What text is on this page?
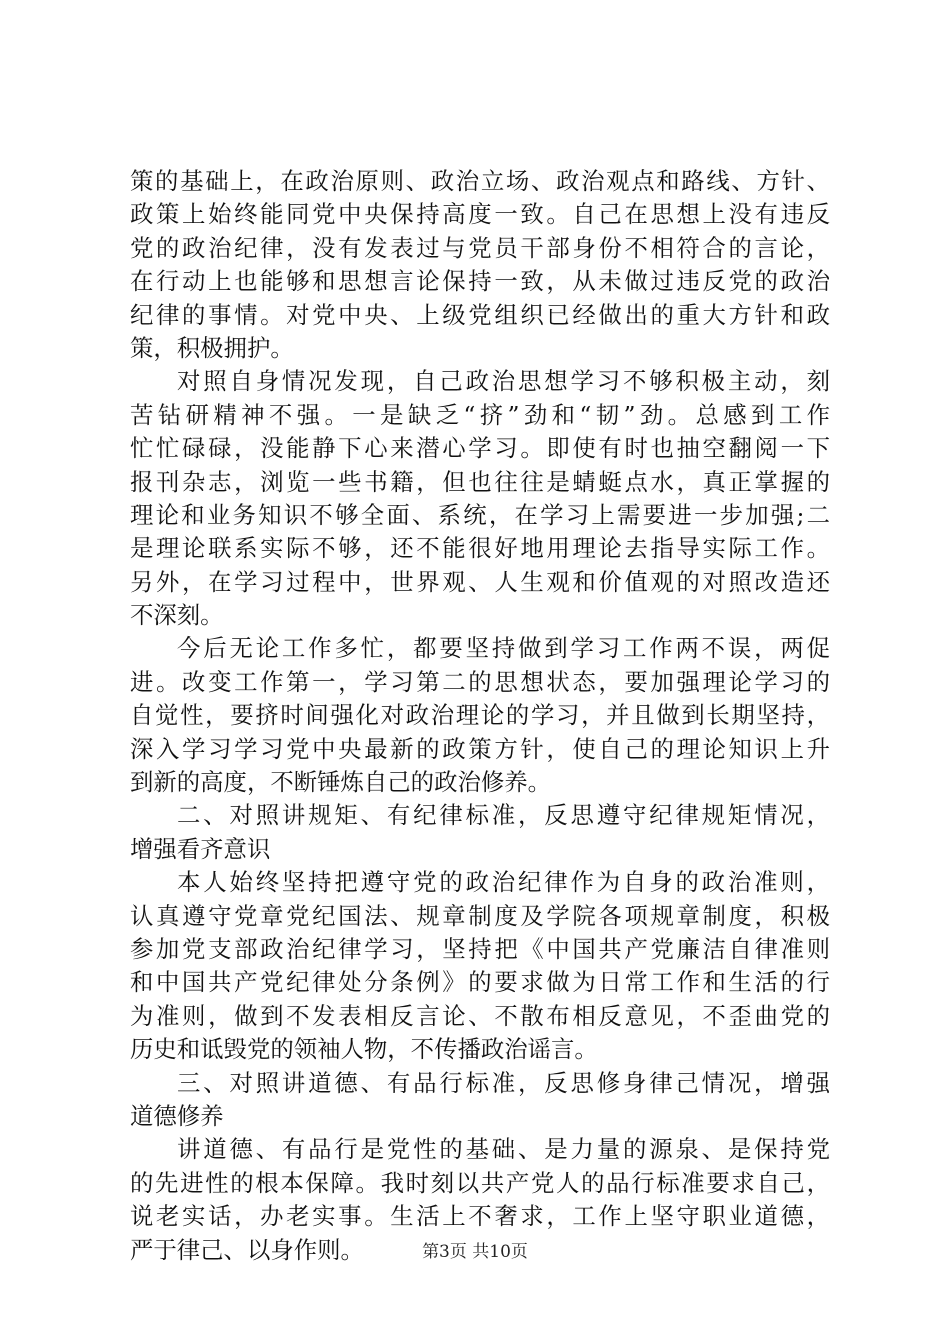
策的基础上，在政治原则、政治立场、政治观点和路线、方针、
政策上始终能同党中央保持高度一致。自己在思想上没有违反
党的政治纪律，没有发表过与党员干部身份不相符合的言论，
在行动上也能够和思想言论保持一致，从未做过违反党的政治
纪律的事情。对党中央、上级党组织已经做出的重大方针和政
策，积极拥护。
对照自身情况发现，自己政治思想学习不够积极主动，刻
苦钻研精神不强。一是缺乏“挤”劲和“韧”劲。总感到工作
忙忙碌碌，没能静下心来潜心学习。即使有时也抽空翻阅一下
报刊杂志，浏览一些书籍，但也往往是蜻蜓点水，真正掌握的
理论和业务知识不够全面、系统，在学习上需要进一步加强;二
是理论联系实际不够，还不能很好地用理论去指导实际工作。
另外，在学习过程中，世界观、人生观和价值观的对照改造还
不深刻。
今后无论工作多忙，都要坚持做到学习工作两不误，两促
进。改变工作第一，学习第二的思想状态，要加强理论学习的
自觉性，要挤时间强化对政治理论的学习，并且做到长期坚持，
深入学习学习党中央最新的政策方针，使自己的理论知识上升
到新的高度，不断锤炼自己的政治修养。
二、对照讲规矩、有纪律标准，反思遵守纪律规矩情况，
增强看齐意识
本人始终坚持把遵守党的政治纪律作为自身的政治准则，
认真遵守党章党纪国法、规章制度及学院各项规章制度，积极
参加党支部政治纪律学习，坚持把《中国共产党廉洁自律准则
和中国共产党纪律处分条例》的要求做为日常工作和生活的行
为准则，做到不发表相反言论、不散布相反意见，不歪曲党的
历史和诋毁党的领袖人物，不传播政治谣言。
三、对照讲道德、有品行标准，反思修身律己情况，增强
道德修养
讲道德、有品行是党性的基础、是力量的源泉、是保持党
的先进性的根本保障。我时刻以共产党人的品行标准要求自己，
说老实话，办老实事。生活上不奢求，工作上坚守职业道德，
严于律己、以身作则。	第3页 共10页
